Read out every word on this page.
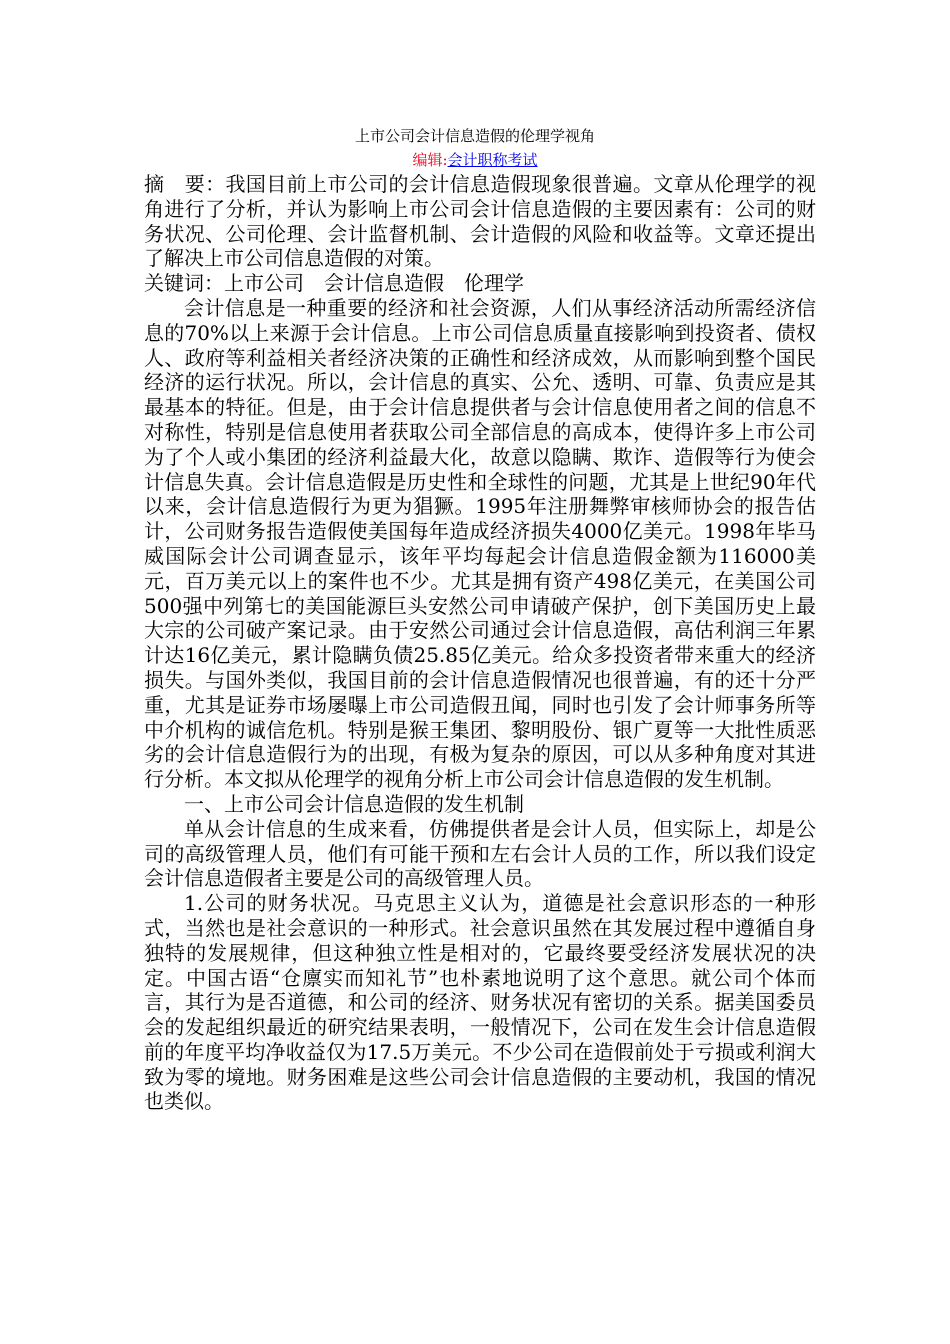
上市公司会计信息造假的伦理学视角
编辑:会计职称考试

摘　要：我国目前上市公司的会计信息造假现象很普遍。文章从伦理学的视角进行了分析，并认为影响上市公司会计信息造假的主要因素有：公司的财务状况、公司伦理、会计监督机制、会计造假的风险和收益等。文章还提出了解决上市公司信息造假的对策。

关键词：上市公司　会计信息造假　伦理学

会计信息是一种重要的经济和社会资源，人们从事经济活动所需经济信息的70%以上来源于会计信息。上市公司信息质量直接影响到投资者、债权人、政府等利益相关者经济决策的正确性和经济成效，从而影响到整个国民经济的运行状况。所以，会计信息的真实、公允、透明、可靠、负责应是其最基本的特征。但是，由于会计信息提供者与会计信息使用者之间的信息不对称性，特别是信息使用者获取公司全部信息的高成本，使得许多上市公司为了个人或小集团的经济利益最大化，故意以隐瞒、欺诈、造假等行为使会计信息失真。会计信息造假是历史性和全球性的问题，尤其是上世纪90年代以来，会计信息造假行为更为猖獗。1995年注册舞弊审核师协会的报告估计，公司财务报告造假使美国每年造成经济损失4000亿美元。1998年毕马威国际会计公司调查显示，该年平均每起会计信息造假金额为116000美元，百万美元以上的案件也不少。尤其是拥有资产498亿美元，在美国公司500强中列第七的美国能源巨头安然公司申请破产保护，创下美国历史上最大宗的公司破产案记录。由于安然公司通过会计信息造假，高估利润三年累计达16亿美元，累计隐瞒负债25.85亿美元。给众多投资者带来重大的经济损失。与国外类似，我国目前的会计信息造假情况也很普遍，有的还十分严重，尤其是证券市场屡曝上市公司造假丑闻，同时也引发了会计师事务所等中介机构的诚信危机。特别是猴王集团、黎明股份、银广夏等一大批性质恶劣的会计信息造假行为的出现，有极为复杂的原因，可以从多种角度对其进行分析。本文拟从伦理学的视角分析上市公司会计信息造假的发生机制。

一、上市公司会计信息造假的发生机制

单从会计信息的生成来看，仿佛提供者是会计人员，但实际上，却是公司的高级管理人员，他们有可能干预和左右会计人员的工作，所以我们设定会计信息造假者主要是公司的高级管理人员。

1.公司的财务状况。马克思主义认为，道德是社会意识形态的一种形式，当然也是社会意识的一种形式。社会意识虽然在其发展过程中遵循自身独特的发展规律，但这种独立性是相对的，它最终要受经济发展状况的决定。中国古语“仓廪实而知礼节”也朴素地说明了这个意思。就公司个体而言，其行为是否道德，和公司的经济、财务状况有密切的关系。据美国委员会的发起组织最近的研究结果表明，一般情况下，公司在发生会计信息造假前的年度平均净收益仅为17.5万美元。不少公司在造假前处于亏损或利润大致为零的境地。财务困难是这些公司会计信息造假的主要动机，我国的情况也类似。
